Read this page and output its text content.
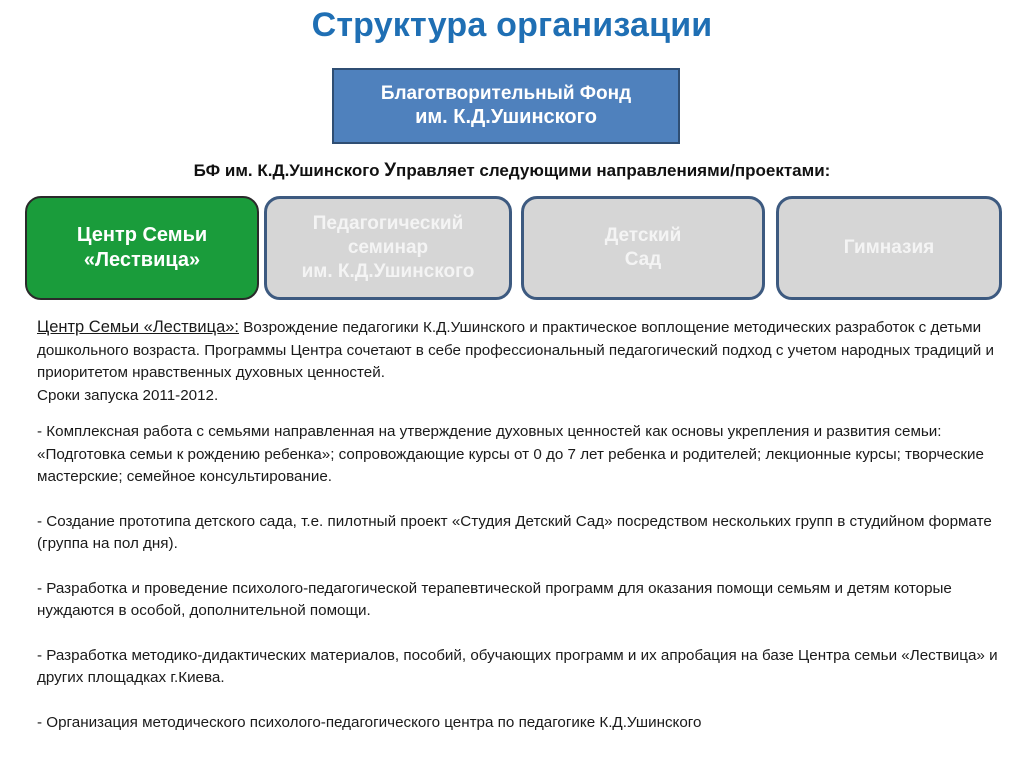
Структура организации
Благотворительный Фонд
им. К.Д.Ушинского
БФ им. К.Д.Ушинского Управляет следующими направлениями/проектами:
Центр Семьи
«Лествица»
Педагогический
семинар
им. К.Д.Ушинского
Детский
Сад
Гимназия

Центр Семьи «Лествица»: Возрождение педагогики К.Д.Ушинского и практическое воплощение методических разработок с детьми дошкольного возраста. Программы Центра сочетают в себе профессиональный педагогический подход с учетом народных традиций и приоритетом нравственных духовных ценностей.

Сроки запуска 2011-2012.

- Комплексная работа с семьями направленная на утверждение духовных ценностей как основы укрепления и развития семьи: «Подготовка семьи к рождению ребенка»; сопровождающие курсы от 0 до 7 лет ребенка и родителей; лекционные курсы; творческие мастерские; семейное консультирование.

- Создание прототипа детского сада, т.е. пилотный проект «Студия Детский Сад» посредством нескольких групп в студийном формате (группа на пол дня).

- Разработка и проведение психолого-педагогической терапевтической программ для оказания помощи семьям и детям которые нуждаются в особой, дополнительной помощи.

- Разработка методико-дидактических материалов, пособий, обучающих программ и их апробация на базе Центра семьи «Лествица» и других площадках г.Киева.

- Организация методического психолого-педагогического центра по педагогике К.Д.Ушинского
